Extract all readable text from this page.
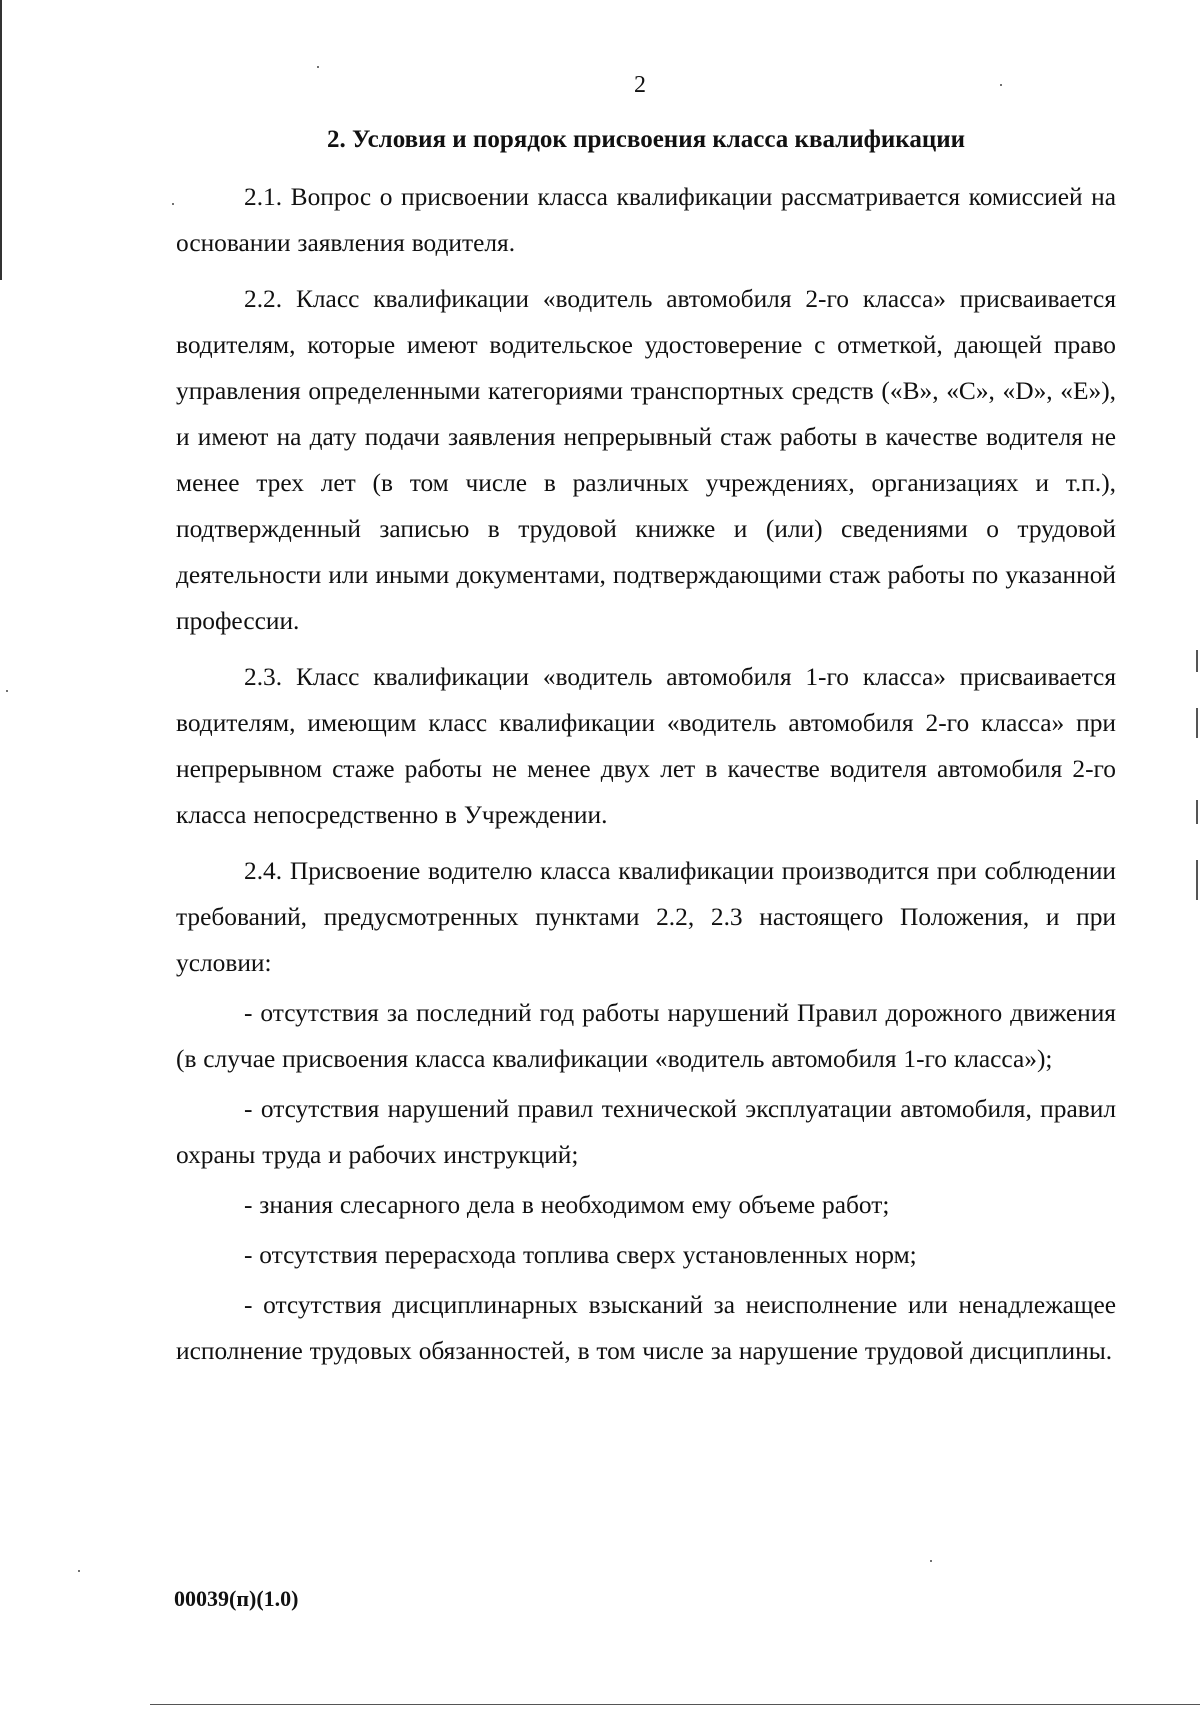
2
2. Условия и порядок присвоения класса квалификации

2.1. Вопрос о присвоении класса квалификации рассматривается комиссией на основании заявления водителя.

2.2. Класс квалификации «водитель автомобиля 2-го класса» присваивается водителям, которые имеют водительское удостоверение с отметкой, дающей право управления определенными категориями транспортных средств («В», «С», «D», «Е»), и имеют на дату подачи заявления непрерывный стаж работы в качестве водителя не менее трех лет (в том числе в различных учреждениях, организациях и т.п.), подтвержденный записью в трудовой книжке и (или) сведениями о трудовой деятельности или иными документами, подтверждающими стаж работы по указанной профессии.

2.3. Класс квалификации «водитель автомобиля 1-го класса» присваивается водителям, имеющим класс квалификации «водитель автомобиля 2-го класса» при непрерывном стаже работы не менее двух лет в качестве водителя автомобиля 2-го класса непосредственно в Учреждении.

2.4. Присвоение водителю класса квалификации производится при соблюдении требований, предусмотренных пунктами 2.2, 2.3 настоящего Положения, и при условии:

- отсутствия за последний год работы нарушений Правил дорожного движения (в случае присвоения класса квалификации «водитель автомобиля 1-го класса»);

- отсутствия нарушений правил технической эксплуатации автомобиля, правил охраны труда и рабочих инструкций;

- знания слесарного дела в необходимом ему объеме работ;

- отсутствия перерасхода топлива сверх установленных норм;

- отсутствия дисциплинарных взысканий за неисполнение или ненадлежащее исполнение трудовых обязанностей, в том числе за нарушение трудовой дисциплины.

00039(п)(1.0)
